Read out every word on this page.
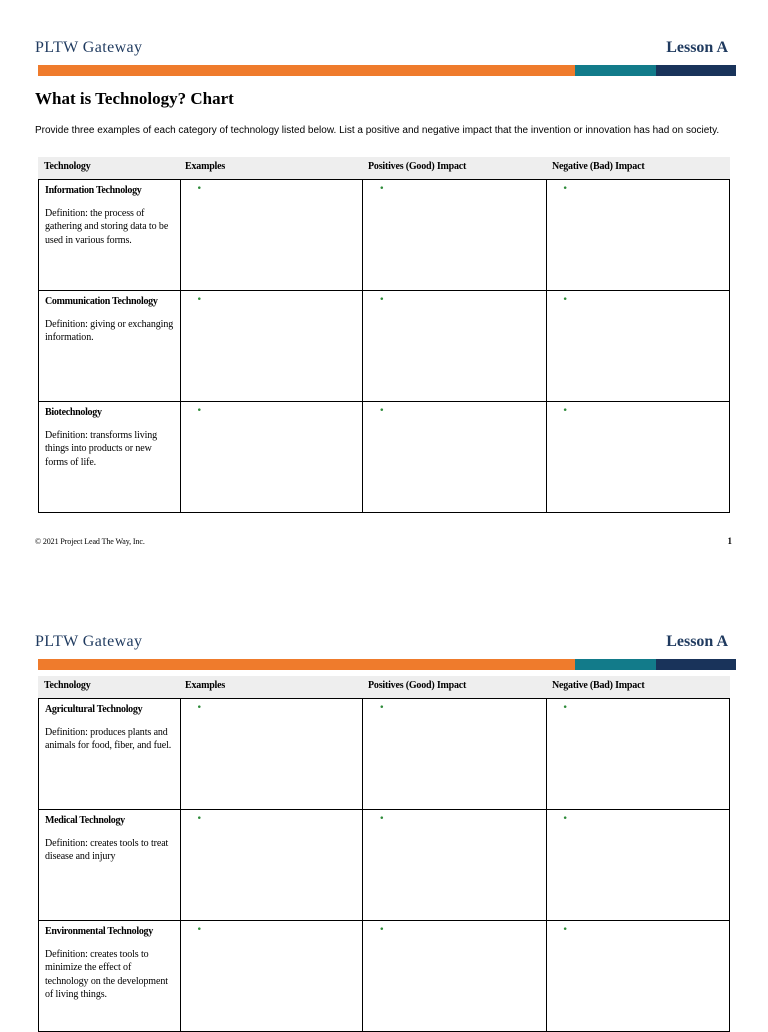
PLTW Gateway	Lesson A
What is Technology? Chart
Provide three examples of each category of technology listed below. List a positive and negative impact that the invention or innovation has had on society.
Technology	Examples	Positives (Good) Impact	Negative (Bad) Impact
Information Technology
Definition: the process of gathering and storing data to be used in various forms.
•	•	•
Communication Technology
Definition: giving or exchanging information.
•	•	•
Biotechnology
Definition: transforms living things into products or new forms of life.
•	•	•
© 2021 Project Lead The Way, Inc.	1
PLTW Gateway	Lesson A
Technology	Examples	Positives (Good) Impact	Negative (Bad) Impact
Agricultural Technology
Definition: produces plants and animals for food, fiber, and fuel.
•	•	•
Medical Technology
Definition: creates tools to treat disease and injury
•	•	•
Environmental Technology
Definition: creates tools to minimize the effect of technology on the development of living things.
•	•	•
